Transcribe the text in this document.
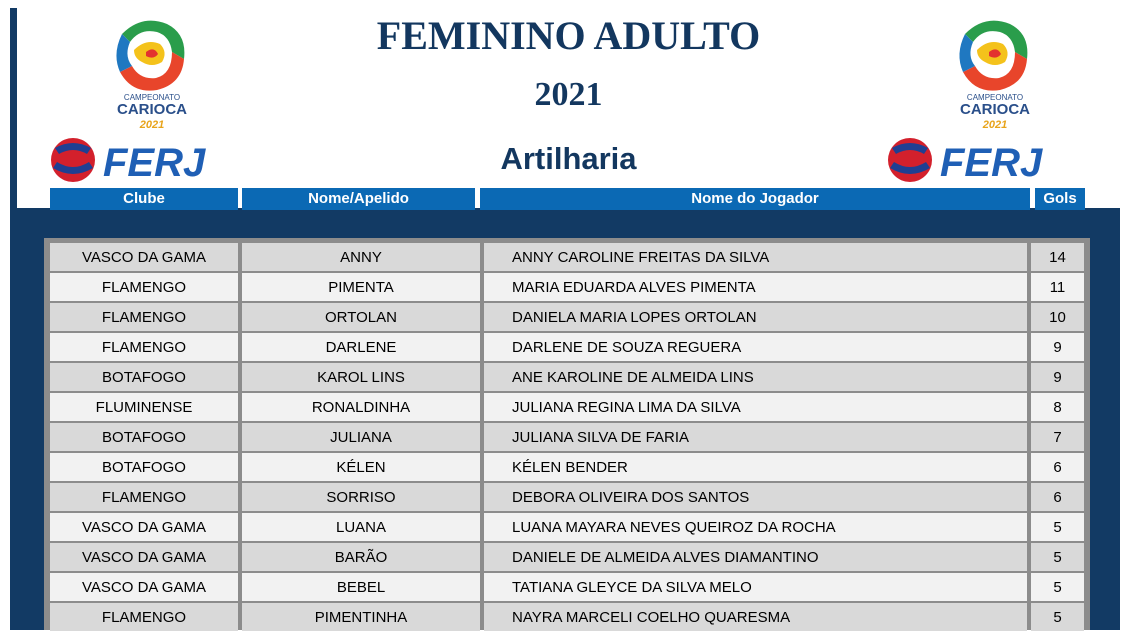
FEMININO ADULTO
2021
Artilharia
CAMPEONATO
CARIOCA
2021
CAMPEONATO
CARIOCA
2021
FERJ	FERJ
Clube	Nome/Apelido	Nome do Jogador	Gols
VASCO DA GAMA	ANNY	ANNY CAROLINE FREITAS DA SILVA	14
FLAMENGO	PIMENTA	MARIA EDUARDA ALVES PIMENTA	11
FLAMENGO	ORTOLAN	DANIELA MARIA LOPES ORTOLAN	10
FLAMENGO	DARLENE	DARLENE DE SOUZA REGUERA	9
BOTAFOGO	KAROL LINS	ANE KAROLINE DE ALMEIDA LINS	9
FLUMINENSE	RONALDINHA	JULIANA REGINA LIMA DA SILVA	8
BOTAFOGO	JULIANA	JULIANA SILVA DE FARIA	7
BOTAFOGO	KÉLEN	KÉLEN BENDER	6
FLAMENGO	SORRISO	DEBORA OLIVEIRA DOS SANTOS	6
VASCO DA GAMA	LUANA	LUANA MAYARA NEVES QUEIROZ DA ROCHA	5
VASCO DA GAMA	BARÃO	DANIELE DE ALMEIDA ALVES DIAMANTINO	5
VASCO DA GAMA	BEBEL	TATIANA GLEYCE DA SILVA MELO	5
FLAMENGO	PIMENTINHA	NAYRA MARCELI COELHO QUARESMA	5
